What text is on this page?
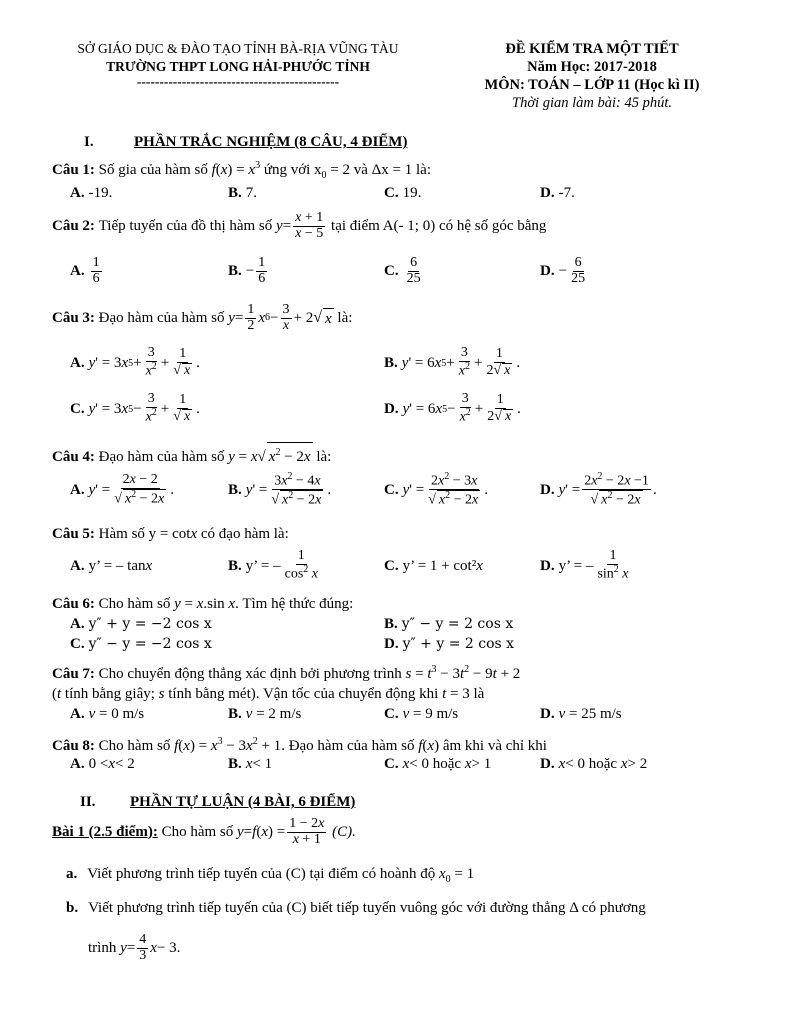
SỞ GIÁO DỤC & ĐÀO TẠO TỈNH BÀ-RỊA VŨNG TÀU
TRƯỜNG THPT LONG HẢI-PHƯỚC TỈNH
---------------------------------------------
ĐỀ KIỂM TRA MỘT TIẾT
Năm Học: 2017-2018
MÔN: TOÁN – LỚP 11 (Học kì II)
Thời gian làm bài: 45 phút.
I.	PHẦN TRẮC NGHIỆM (8 CÂU, 4 ĐIỂM)
Câu 1: Số gia của hàm số $f(x) = x^3$ ứng với $x_0 = 2$ và Δx = 1 là:
A. -19.	B. 7.	C. 19.	D. -7.
Câu 2:
Tiếp tuyến của đồ thị hàm số
$y = \frac{x + 1}{x - 5}$
tại điểm A(- 1; 0) có hệ số góc bằng
A. $\frac{1}{6}$	B. − $\frac{1}{6}$	C. $\frac{6}{25}$	D. − $\frac{6}{25}$
Câu 3:
Đạo hàm của hàm số
$y = \frac{1}{2}$ x $6 - \frac{3}{x} + 2$ √ x
là:
A. y ' = 3 x $5 + \frac{3}{x^2} + \frac{1}{√ x}$ .	B. y ' = 6 x $5 + \frac{3}{x^2} + \frac{1}{2√ x}$ .
C. y ' = 3 x $5 - \frac{3}{x^2} + \frac{1}{√ x}$ .	D. y ' = 6 x $5 - \frac{3}{x^2} + \frac{1}{2√ x}$ .
Câu 4: Đạo hàm của hàm số y = x√ $x^2 - 2x$ là:
A. y ' = $\frac{2x - 2}{√ x^2 - 2x}$ .	B. y ' = $\frac{3x^2 - 4x}{√ x^2 - 2x}$ .	C. y ' = $\frac{2x^2 - 3x}{√ x^2 - 2x}$ .	D. y ' = $\frac{2x^2 - 2x -1}{√ x^2 - 2x}$ .
Câu 5: Hàm số y = cotx có đạo hàm là:
A. y’ = – tan x	B. y’ = – $\frac{1}{\cos^2 x}$	C. y’ = 1 + cot² x	D. y’ = – $\frac{1}{\sin^2 x}$
Câu 6: Cho hàm số y = x.sin x. Tìm hệ thức đúng:
A. y″ + y = −2 cos x	B. y″ − y = 2 cos x
C. y″ − y = −2 cos x	D. y″ + y = 2 cos x
Câu 7: Cho chuyển động thẳng xác định bởi phương trình $s = t^3 - 3t^2 - 9t + 2$
(t tính bằng giây; s tính bằng mét). Vận tốc của chuyển động khi t = 3 là
A. v
= 0 m/s	B. v
= 2 m/s	C. v
= 9 m/s	D. v
= 25 m/s
Câu 8: Cho hàm số $f(x) = x^3 - 3x^2 + 1$. Đạo hàm của hàm số f(x) âm khi và chỉ khi
A. 0 < x < 2	B. x < 1	C. x < 0 hoặc
x > 1	D. x < 0 hoặc
x > 2
II. PHẦN TỰ LUẬN (4 BÀI, 6 ĐIỂM)
Bài 1 (2.5 điểm):
Cho hàm số
y = f ( x ) = $\frac{1 - 2x}{x + 1}$
(C).
a. Viết phương trình tiếp tuyến của (C) tại điểm có hoành độ $x_0 = 1$
b. Viết phương trình tiếp tuyến của (C) biết tiếp tuyến vuông góc với đường thẳng Δ có phương
trình
$y = \frac{4}{3}$ x − 3.
